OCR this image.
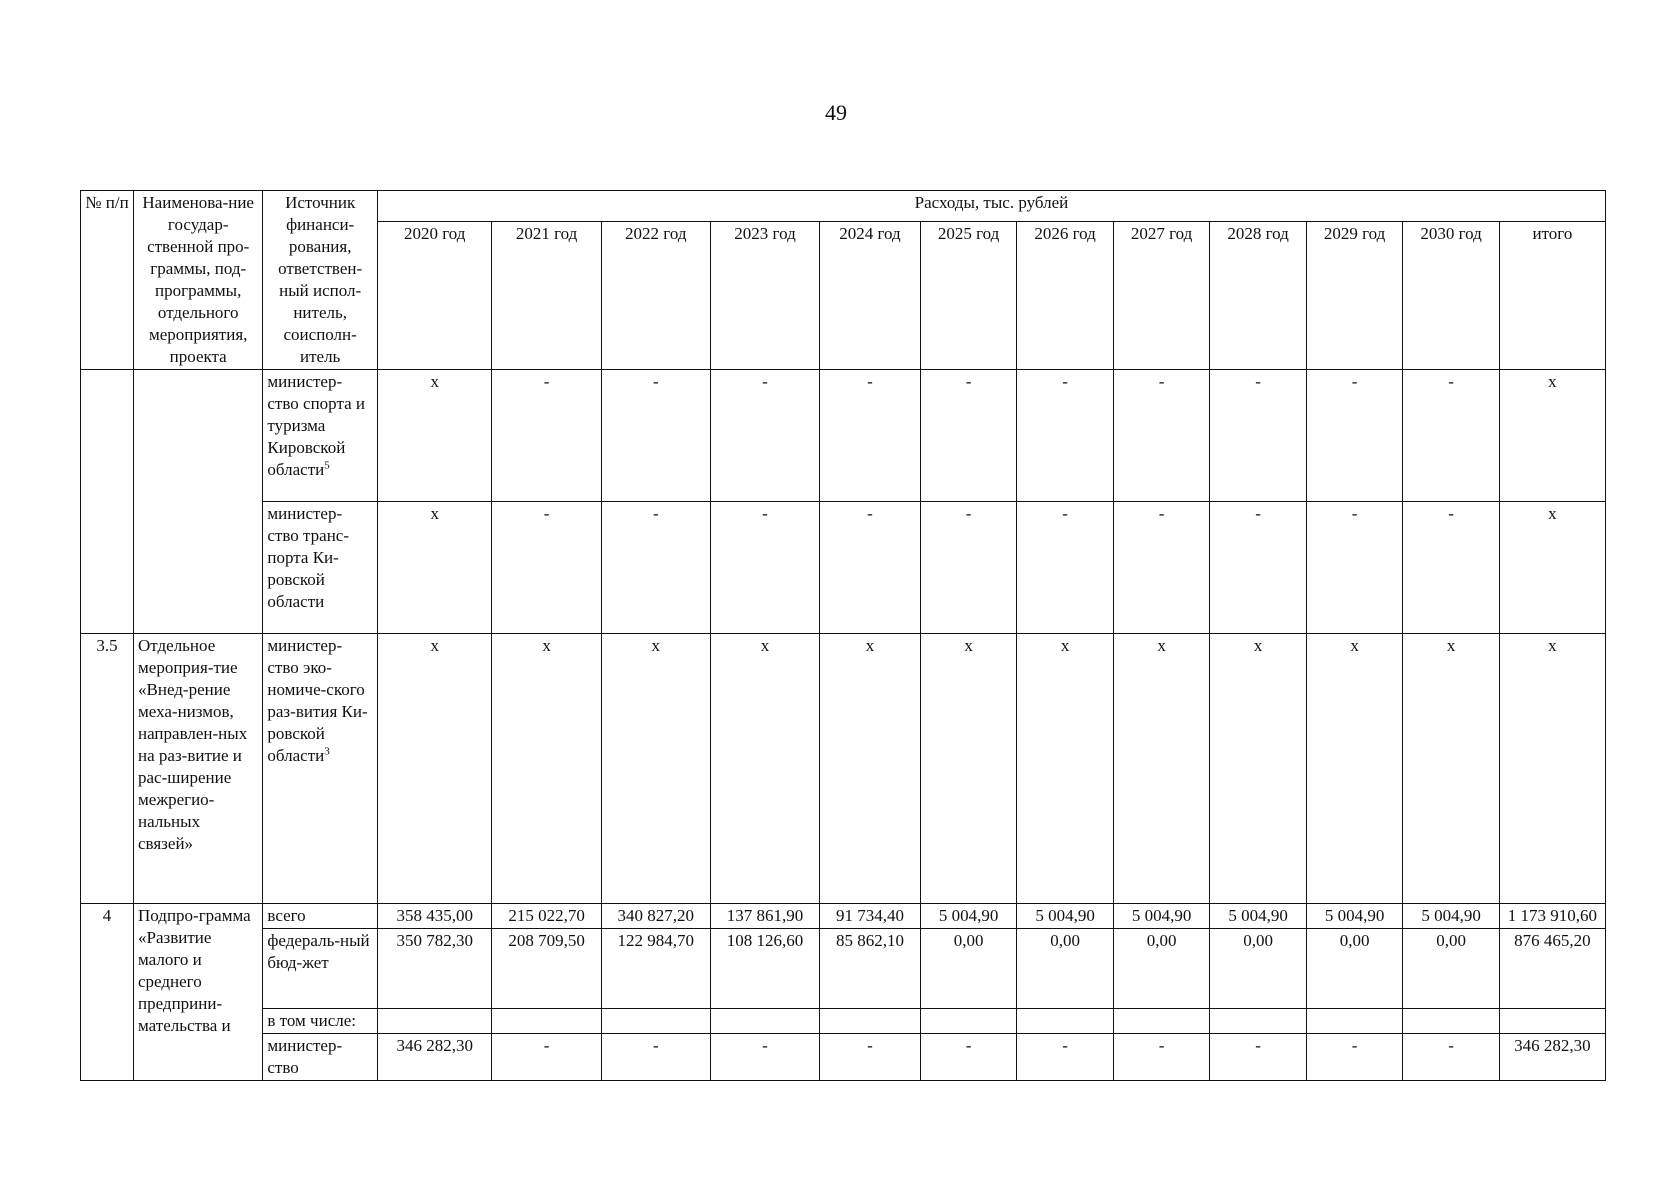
49
№ п/п	Наименова-ние государ-ственной про-граммы, под-программы, отдельного мероприятия, проекта	Источник финанси-рования, ответствен-ный испол-нитель, соисполн-итель	Расходы, тыс. рублей											
			2020 год	2021 год	2022 год	2023 год	2024 год	2025 год	2026 год	2027 год	2028 год	2029 год	2030 год	итого
		министер-ство спорта и туризма Кировской области$^5$	x	-	-	-	-	-	-	-	-	-	-	x
		министер-ство транс-порта Ки-ровской области	x	-	-	-	-	-	-	-	-	-	-	x
3.5	Отдельное мероприя-тие «Внед-рение меха-низмов, направлен-ных на раз-витие и рас-ширение межрегио-нальных связей»	министер-ство эко-номиче-ского раз-вития Ки-ровской области$^3$	x	x	x	x	x	x	x	x	x	x	x	x
4	Подпро-грамма «Развитие малого и среднего предприни-мательства и	всего	358 435,00	215 022,70	340 827,20	137 861,90	91 734,40	5 004,90	5 004,90	5 004,90	5 004,90	5 004,90	5 004,90	1 173 910,60
		федераль-ный бюд-жет	350 782,30	208 709,50	122 984,70	108 126,60	85 862,10	0,00	0,00	0,00	0,00	0,00	0,00	876 465,20
		в том числе:												
		министер-ство	346 282,30	-	-	-	-	-	-	-	-	-	-	346 282,30
